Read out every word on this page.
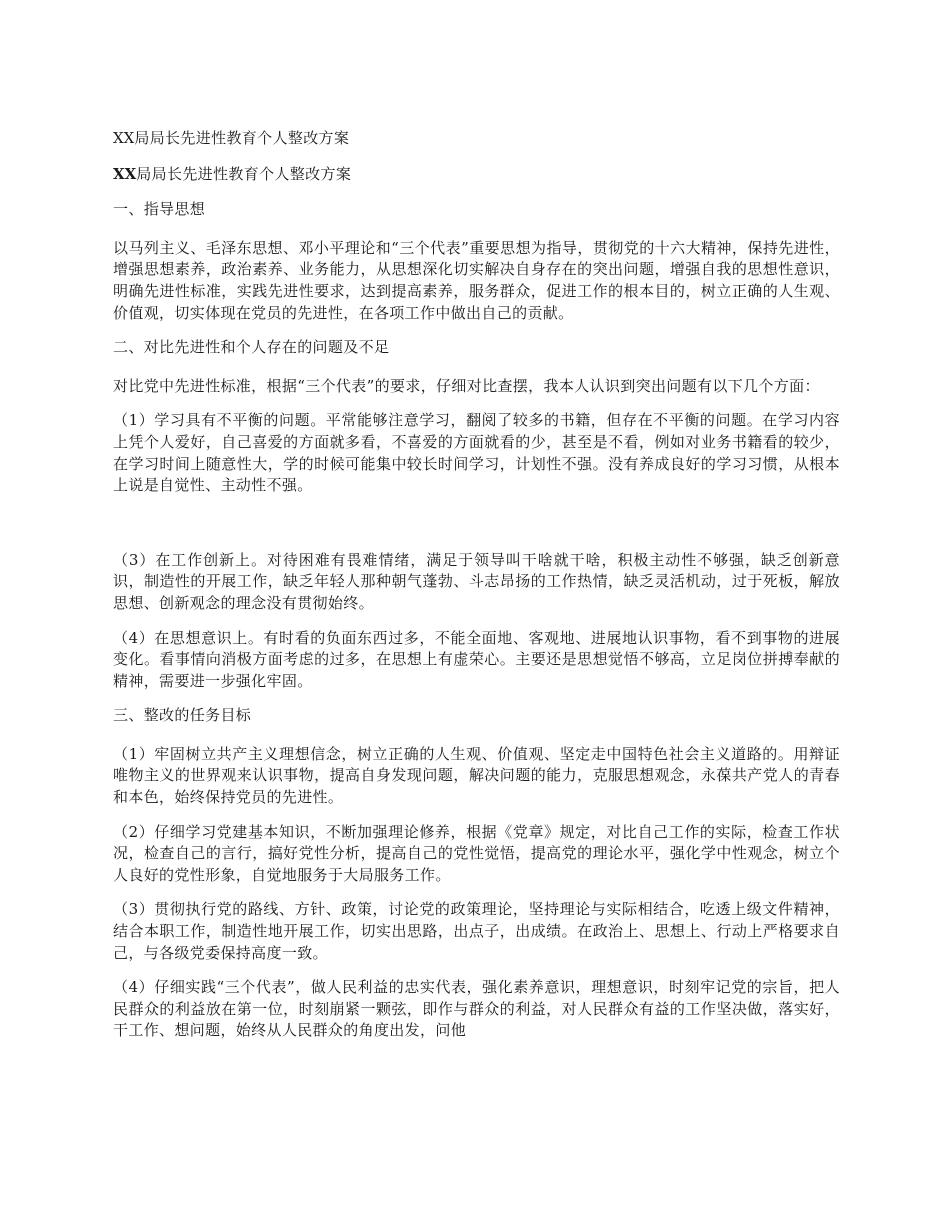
XX局局长先进性教育个人整改方案
XX局局长先进性教育个人整改方案
一、指导思想
以马列主义、毛泽东思想、邓小平理论和“三个代表”重要思想为指导，贯彻党的十六大精神，保持先进性，增强思想素养，政治素养、业务能力，从思想深化切实解决自身存在的突出问题，增强自我的思想性意识，明确先进性标准，实践先进性要求，达到提高素养，服务群众，促进工作的根本目的，树立正确的人生观、价值观，切实体现在党员的先进性，在各项工作中做出自己的贡献。
二、对比先进性和个人存在的问题及不足
对比党中先进性标准，根据“三个代表”的要求，仔细对比查摆，我本人认识到突出问题有以下几个方面：
（1）学习具有不平衡的问题。平常能够注意学习，翻阅了较多的书籍，但存在不平衡的问题。在学习内容上凭个人爱好，自己喜爱的方面就多看，不喜爱的方面就看的少，甚至是不看，例如对业务书籍看的较少，在学习时间上随意性大，学的时候可能集中较长时间学习，计划性不强。没有养成良好的学习习惯，从根本上说是自觉性、主动性不强。
（3）在工作创新上。对待困难有畏难情绪，满足于领导叫干啥就干啥，积极主动性不够强，缺乏创新意识，制造性的开展工作，缺乏年轻人那种朝气蓬勃、斗志昂扬的工作热情，缺乏灵活机动，过于死板，解放思想、创新观念的理念没有贯彻始终。
（4）在思想意识上。有时看的负面东西过多，不能全面地、客观地、进展地认识事物，看不到事物的进展变化。看事情向消极方面考虑的过多，在思想上有虚荣心。主要还是思想觉悟不够高，立足岗位拼搏奉献的精神，需要进一步强化牢固。
三、整改的任务目标
（1）牢固树立共产主义理想信念，树立正确的人生观、价值观、坚定走中国特色社会主义道路的。用辩证唯物主义的世界观来认识事物，提高自身发现问题，解决问题的能力，克服思想观念，永葆共产党人的青春和本色，始终保持党员的先进性。
（2）仔细学习党建基本知识，不断加强理论修养，根据《党章》规定，对比自己工作的实际，检查工作状况，检查自己的言行，搞好党性分析，提高自己的党性觉悟，提高党的理论水平，强化学中性观念，树立个人良好的党性形象，自觉地服务于大局服务工作。
（3）贯彻执行党的路线、方针、政策，讨论党的政策理论，坚持理论与实际相结合，吃透上级文件精神，结合本职工作，制造性地开展工作，切实出思路，出点子，出成绩。在政治上、思想上、行动上严格要求自己，与各级党委保持高度一致。
（4）仔细实践“三个代表”，做人民利益的忠实代表，强化素养意识，理想意识，时刻牢记党的宗旨，把人民群众的利益放在第一位，时刻崩紧一颗弦，即作与群众的利益，对人民群众有益的工作坚决做，落实好，干工作、想问题，始终从人民群众的角度出发，问他
